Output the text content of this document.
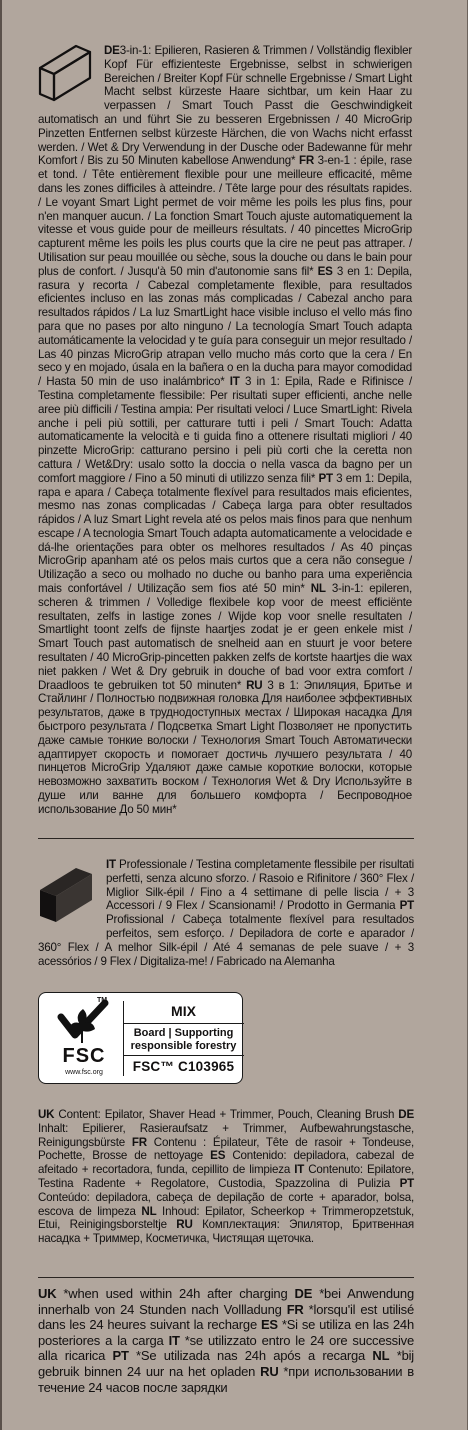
DE3-in-1: Epilieren, Rasieren & Trimmen / Vollständig flexibler Kopf Für effizienteste Ergebnisse, selbst in schwierigen Bereichen / Breiter Kopf Für schnelle Ergebnisse / Smart Light Macht selbst kürzeste Haare sichtbar, um kein Haar zu verpassen / Smart Touch Passt die Geschwindigkeit automatisch an und führt Sie zu besseren Ergebnissen / 40 MicroGrip Pinzetten Entfernen selbst kürzeste Härchen, die von Wachs nicht erfasst werden. / Wet & Dry Verwendung in der Dusche oder Badewanne für mehr Komfort / Bis zu 50 Minuten kabellose Anwendung* FR 3-en-1 : épile, rase et tond. / Tête entièrement flexible pour une meilleure efficacité, même dans les zones difficiles à atteindre. / Tête large pour des résultats rapides. / Le voyant Smart Light permet de voir même les poils les plus fins, pour n'en manquer aucun. / La fonction Smart Touch ajuste automatiquement la vitesse et vous guide pour de meilleurs résultats. / 40 pincettes MicroGrip capturent même les poils les plus courts que la cire ne peut pas attraper. / Utilisation sur peau mouillée ou sèche, sous la douche ou dans le bain pour plus de confort. / Jusqu'à 50 min d'autonomie sans fil* ES 3 en 1: Depila, rasura y recorta / Cabezal completamente flexible, para resultados eficientes incluso en las zonas más complicadas / Cabezal ancho para resultados rápidos / La luz SmartLight hace visible incluso el vello más fino para que no pases por alto ninguno / La tecnología Smart Touch adapta automáticamente la velocidad y te guía para conseguir un mejor resultado / Las 40 pinzas MicroGrip atrapan vello mucho más corto que la cera / En seco y en mojado, úsala en la bañera o en la ducha para mayor comodidad / Hasta 50 min de uso inalámbrico* IT 3 in 1: Epila, Rade e Rifinisce / Testina completamente flessibile: Per risultati super efficienti, anche nelle aree più difficili / Testina ampia: Per risultati veloci / Luce SmartLight: Rivela anche i peli più sottili, per catturare tutti i peli / Smart Touch: Adatta automaticamente la velocità e ti guida fino a ottenere risultati migliori / 40 pinzette MicroGrip: catturano persino i peli più corti che la ceretta non cattura / Wet&Dry: usalo sotto la doccia o nella vasca da bagno per un comfort maggiore / Fino a 50 minuti di utilizzo senza fili* PT 3 em 1: Depila, rapa e apara / Cabeça totalmente flexível para resultados mais eficientes, mesmo nas zonas complicadas / Cabeça larga para obter resultados rápidos / A luz Smart Light revela até os pelos mais finos para que nenhum escape / A tecnologia Smart Touch adapta automaticamente a velocidade e dá-lhe orientações para obter os melhores resultados / As 40 pinças MicroGrip apanham até os pelos mais curtos que a cera não consegue / Utilização a seco ou molhado no duche ou banho para uma experiência mais confortável / Utilização sem fios até 50 min* NL 3-in-1: epileren, scheren & trimmen / Volledige flexibele kop voor de meest efficiënte resultaten, zelfs in lastige zones / Wijde kop voor snelle resultaten / Smartlight toont zelfs de fijnste haartjes zodat je er geen enkele mist / Smart Touch past automatisch de snelheid aan en stuurt je voor betere resultaten / 40 MicroGrip-pincetten pakken zelfs de kortste haartjes die wax niet pakken / Wet & Dry gebruik in douche of bad voor extra comfort / Draadloos te gebruiken tot 50 minuten* RU 3 в 1: Эпиляция, Бритье и Стайлинг / Полностью подвижная головка Для наиболее эффективных результатов, даже в труднодоступных местах / Широкая насадка Для быстрого результата / Подсветка Smart Light Позволяет не пропустить даже самые тонкие волоски / Технология Smart Touch Автоматически адаптирует скорость и помогает достичь лучшего результата / 40 пинцетов MicroGrip Удаляют даже самые короткие волоски, которые невозможно захватить воском / Технология Wet & Dry Используйте в душе или ванне для большего комфорта / Беспроводное использование До 50 мин*
IT Professionale / Testina completamente flessibile per risultati perfetti, senza alcuno sforzo. / Rasoio e Rifinitore / 360° Flex / Miglior Silk-épil / Fino a 4 settimane di pelle liscia / + 3 Accessori / 9 Flex / Scansionami! / Prodotto in Germania PT Profissional / Cabeça totalmente flexível para resultados perfeitos, sem esforço. / Depiladora de corte e aparador / 360° Flex / A melhor Silk-épil / Até 4 semanas de pele suave / + 3 acessórios / 9 Flex / Digitaliza-me! / Fabricado na Alemanha
TM
FSC
www.fsc.org
MIX
Board | Supporting responsible forestry
FSC™ C103965
UK Content: Epilator, Shaver Head + Trimmer, Pouch, Cleaning Brush DE Inhalt: Epilierer, Rasieraufsatz + Trimmer, Aufbewahrungstasche, Reinigungsbürste FR Contenu : Épilateur, Tête de rasoir + Tondeuse, Pochette, Brosse de nettoyage ES Contenido: depiladora, cabezal de afeitado + recortadora, funda, cepillito de limpieza IT Contenuto: Epilatore, Testina Radente + Regolatore, Custodia, Spazzolina di Pulizia PT Conteúdo: depiladora, cabeça de depilação de corte + aparador, bolsa, escova de limpeza NL Inhoud: Epilator, Scheerkop + Trimmeropzetstuk, Etui, Reinigingsborsteltje RU Комплектация: Эпилятор, Бритвенная насадка + Триммер, Косметичка, Чистящая щеточка.
UK *when used within 24h after charging DE *bei Anwendung innerhalb von 24 Stunden nach Vollladung FR *lorsqu'il est utilisé dans les 24 heures suivant la recharge ES *Si se utiliza en las 24h posteriores a la carga IT *se utilizzato entro le 24 ore successive alla ricarica PT *Se utilizada nas 24h após a recarga NL *bij gebruik binnen 24 uur na het opladen RU *при использовании в течение 24 часов после зарядки
